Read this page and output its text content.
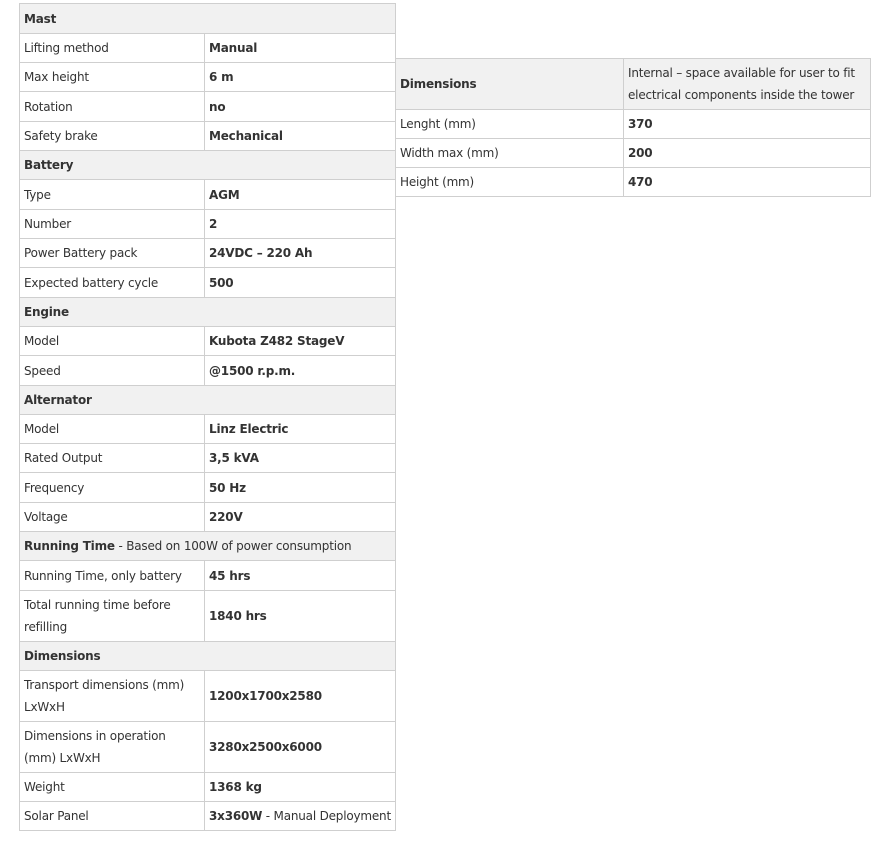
Mast	
Lifting method	Manual
Max height	6 m
Rotation	no
Safety brake	Mechanical
Battery	
Type	AGM
Number	2
Power Battery pack	24VDC – 220 Ah
Expected battery cycle	500
Engine	
Model	Kubota Z482 StageV
Speed	@1500 r.p.m.
Alternator	
Model	Linz Electric
Rated Output	3,5 kVA
Frequency	50 Hz
Voltage	220V
Running Time - Based on 100W of power consumption	
Running Time, only battery	45 hrs
Total running time before refilling	1840 hrs
Dimensions	
Transport dimensions (mm) LxWxH	1200x1700x2580
Dimensions in operation (mm) LxWxH	3280x2500x6000
Weight	1368 kg
Solar Panel	3x360W - Manual Deployment
Dimensions	Internal – space available for user to fit electrical components inside the tower
Lenght (mm)	370
Width max (mm)	200
Height (mm)	470
